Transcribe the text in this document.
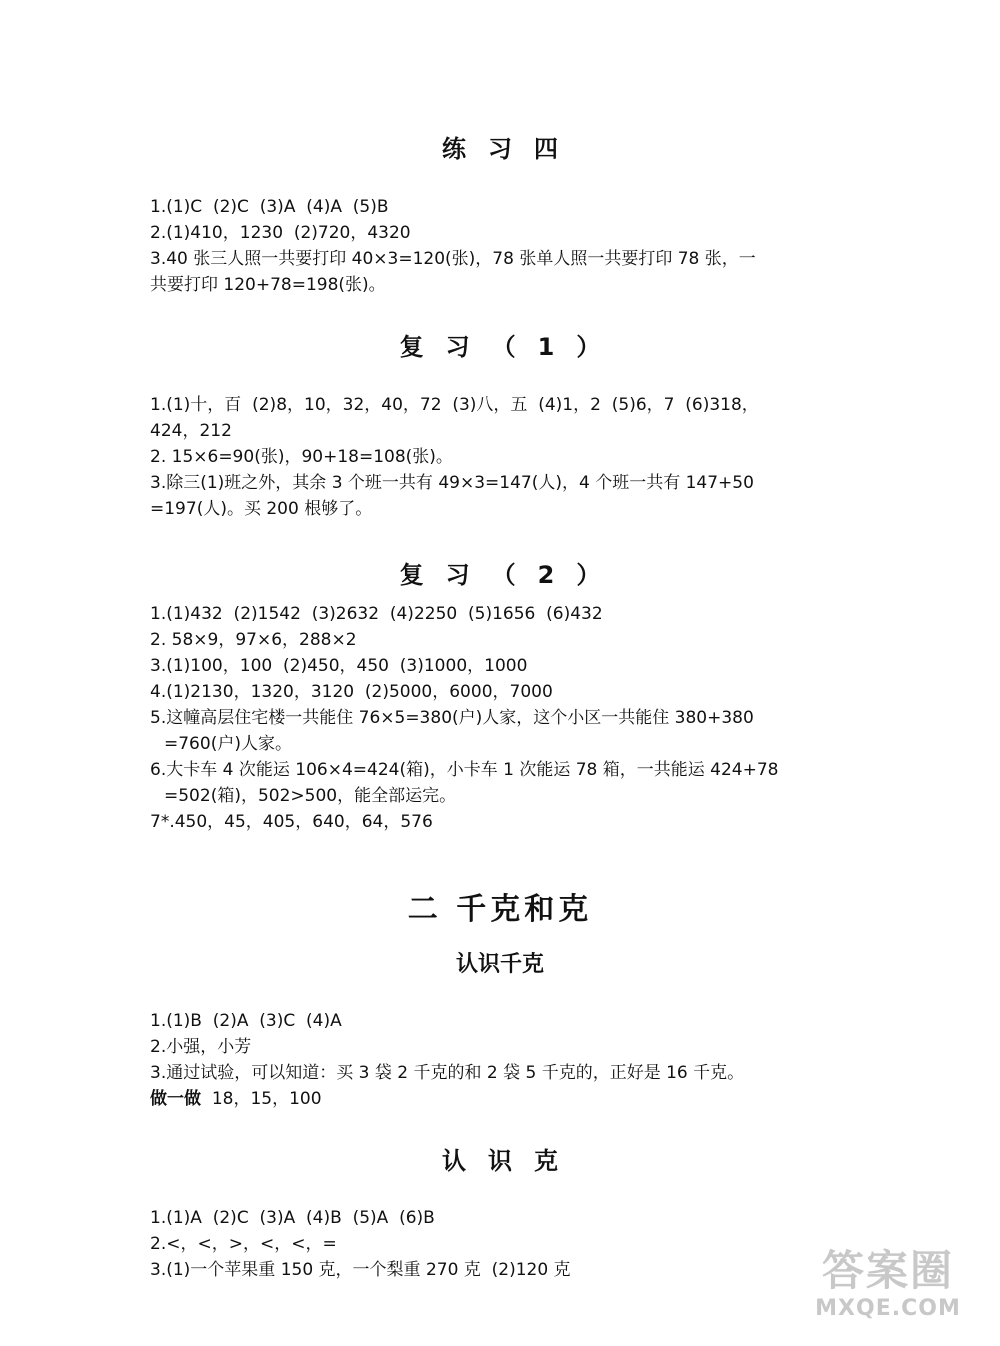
练习四
1.(1)C  (2)C  (3)A  (4)A  (5)B
2.(1)410，1230  (2)720，4320
3.40 张三人照一共要打印 40×3=120(张)，78 张单人照一共要打印 78 张，一
共要打印 120+78=198(张)。
复习（1）
1.(1)十，百  (2)8，10，32，40，72  (3)八，五  (4)1，2  (5)6，7  (6)318，
424，212
2. 15×6=90(张)，90+18=108(张)。
3.除三(1)班之外，其余 3 个班一共有 49×3=147(人)，4 个班一共有 147+50
=197(人)。买 200 根够了。
复习（2）
1.(1)432  (2)1542  (3)2632  (4)2250  (5)1656  (6)432
2. 58×9，97×6，288×2
3.(1)100，100  (2)450，450  (3)1000，1000
4.(1)2130，1320，3120  (2)5000，6000，7000
5.这幢高层住宅楼一共能住 76×5=380(户)人家，这个小区一共能住 380+380
=760(户)人家。
6.大卡车 4 次能运 106×4=424(箱)，小卡车 1 次能运 78 箱，一共能运 424+78
=502(箱)，502>500，能全部运完。
7*.450，45，405，640，64，576
二 千克和克
认识千克
1.(1)B  (2)A  (3)C  (4)A
2.小强，小芳
3.通过试验，可以知道：买 3 袋 2 千克的和 2 袋 5 千克的，正好是 16 千克。
做一做 18，15，100
认识克
1.(1)A  (2)C  (3)A  (4)B  (5)A  (6)B
2.<，<，>，<，<，=
3.(1)一个苹果重 150 克，一个梨重 270 克  (2)120 克	答案圈
MXQE.COM
